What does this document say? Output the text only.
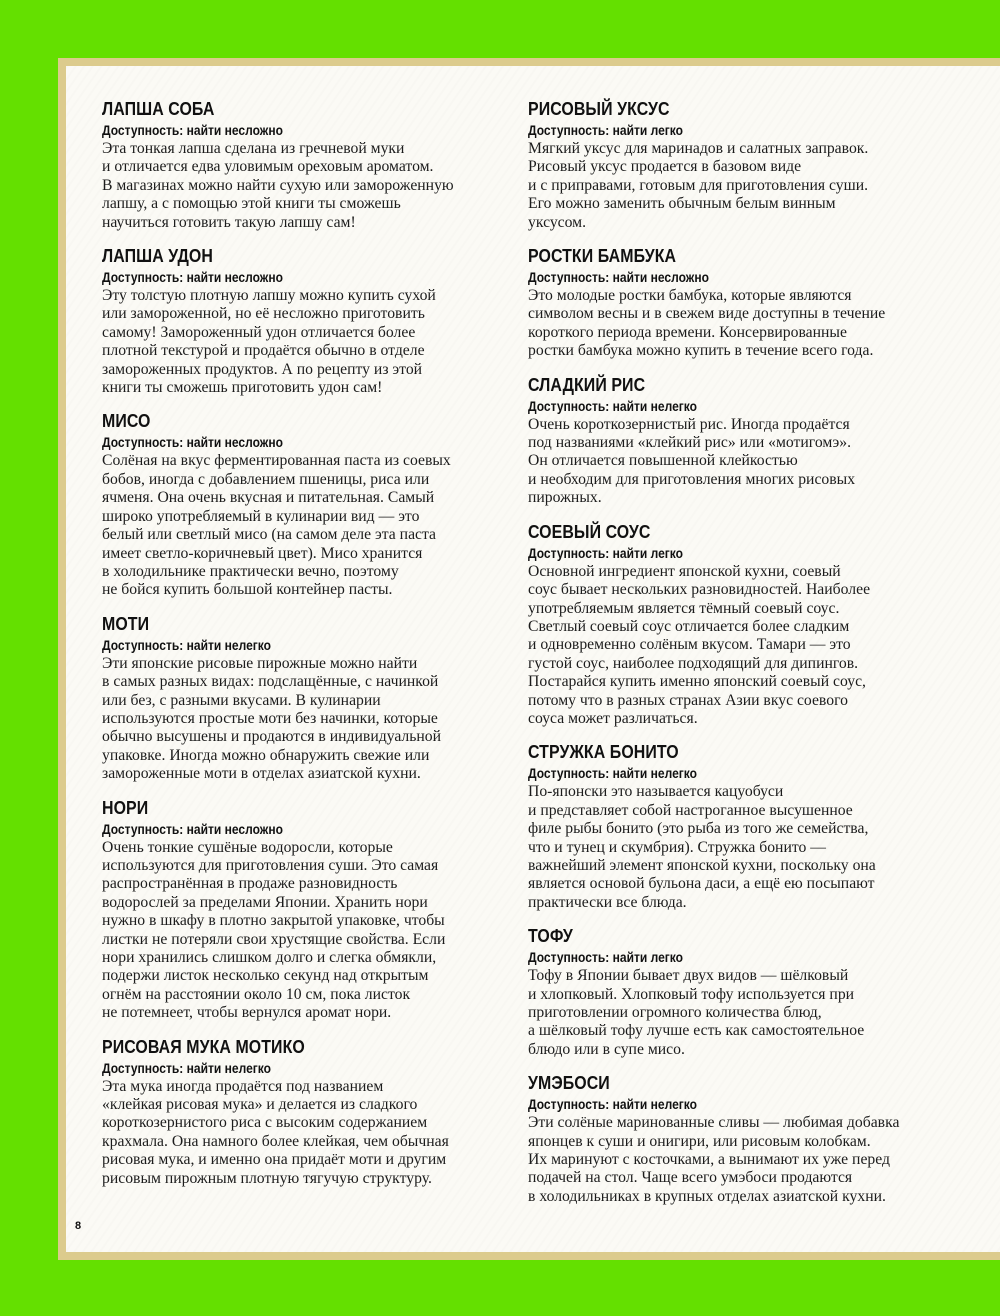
ЛАПША СОБА
Доступность: найти несложно
Эта тонкая лапша сделана из гречневой муки
и отличается едва уловимым ореховым ароматом.
В магазинах можно найти сухую или замороженную
лапшу, а с помощью этой книги ты сможешь
научиться готовить такую лапшу сам!
ЛАПША УДОН
Доступность: найти несложно
Эту толстую плотную лапшу можно купить сухой
или замороженной, но её несложно приготовить
самому! Замороженный удон отличается более
плотной текстурой и продаётся обычно в отделе
замороженных продуктов. А по рецепту из этой
книги ты сможешь приготовить удон сам!
МИСО
Доступность: найти несложно
Солёная на вкус ферментированная паста из соевых
бобов, иногда с добавлением пшеницы, риса или
ячменя. Она очень вкусная и питательная. Самый
широко употребляемый в кулинарии вид — это
белый или светлый мисо (на самом деле эта паста
имеет светло-коричневый цвет). Мисо хранится
в холодильнике практически вечно, поэтому
не бойся купить большой контейнер пасты.
МОТИ
Доступность: найти нелегко
Эти японские рисовые пирожные можно найти
в самых разных видах: подслащённые, с начинкой
или без, с разными вкусами. В кулинарии
используются простые моти без начинки, которые
обычно высушены и продаются в индивидуальной
упаковке. Иногда можно обнаружить свежие или
замороженные моти в отделах азиатской кухни.
НОРИ
Доступность: найти несложно
Очень тонкие сушёные водоросли, которые
используются для приготовления суши. Это самая
распространённая в продаже разновидность
водорослей за пределами Японии. Хранить нори
нужно в шкафу в плотно закрытой упаковке, чтобы
листки не потеряли свои хрустящие свойства. Если
нори хранились слишком долго и слегка обмякли,
подержи листок несколько секунд над открытым
огнём на расстоянии около 10 см, пока листок
не потемнеет, чтобы вернулся аромат нори.
РИСОВАЯ МУКА МОТИКО
Доступность: найти нелегко
Эта мука иногда продаётся под названием
«клейкая рисовая мука» и делается из сладкого
короткозернистого риса с высоким содержанием
крахмала. Она намного более клейкая, чем обычная
рисовая мука, и именно она придаёт моти и другим
рисовым пирожным плотную тягучую структуру.
РИСОВЫЙ УКСУС
Доступность: найти легко
Мягкий уксус для маринадов и салатных заправок.
Рисовый уксус продается в базовом виде
и с приправами, готовым для приготовления суши.
Его можно заменить обычным белым винным
уксусом.
РОСТКИ БАМБУКА
Доступность: найти несложно
Это молодые ростки бамбука, которые являются
символом весны и в свежем виде доступны в течение
короткого периода времени. Консервированные
ростки бамбука можно купить в течение всего года.
СЛАДКИЙ РИС
Доступность: найти нелегко
Очень короткозернистый рис. Иногда продаётся
под названиями «клейкий рис» или «мотигомэ».
Он отличается повышенной клейкостью
и необходим для приготовления многих рисовых
пирожных.
СОЕВЫЙ СОУС
Доступность: найти легко
Основной ингредиент японской кухни, соевый
соус бывает нескольких разновидностей. Наиболее
употребляемым является тёмный соевый соус.
Светлый соевый соус отличается более сладким
и одновременно солёным вкусом. Тамари — это
густой соус, наиболее подходящий для дипингов.
Постарайся купить именно японский соевый соус,
потому что в разных странах Азии вкус соевого
соуса может различаться.
СТРУЖКА БОНИТО
Доступность: найти нелегко
По-японски это называется кацуобуси
и представляет собой настроганное высушенное
филе рыбы бонито (это рыба из того же семейства,
что и тунец и скумбрия). Стружка бонито —
важнейший элемент японской кухни, поскольку она
является основой бульона даси, а ещё ею посыпают
практически все блюда.
ТОФУ
Доступность: найти легко
Тофу в Японии бывает двух видов — шёлковый
и хлопковый. Хлопковый тофу используется при
приготовлении огромного количества блюд,
а шёлковый тофу лучше есть как самостоятельное
блюдо или в супе мисо.
УМЭБОСИ
Доступность: найти нелегко
Эти солёные маринованные сливы — любимая добавка
японцев к суши и онигири, или рисовым колобкам.
Их маринуют с косточками, а вынимают их уже перед
подачей на стол. Чаще всего умэбоси продаются
в холодильниках в крупных отделах азиатской кухни.
8
